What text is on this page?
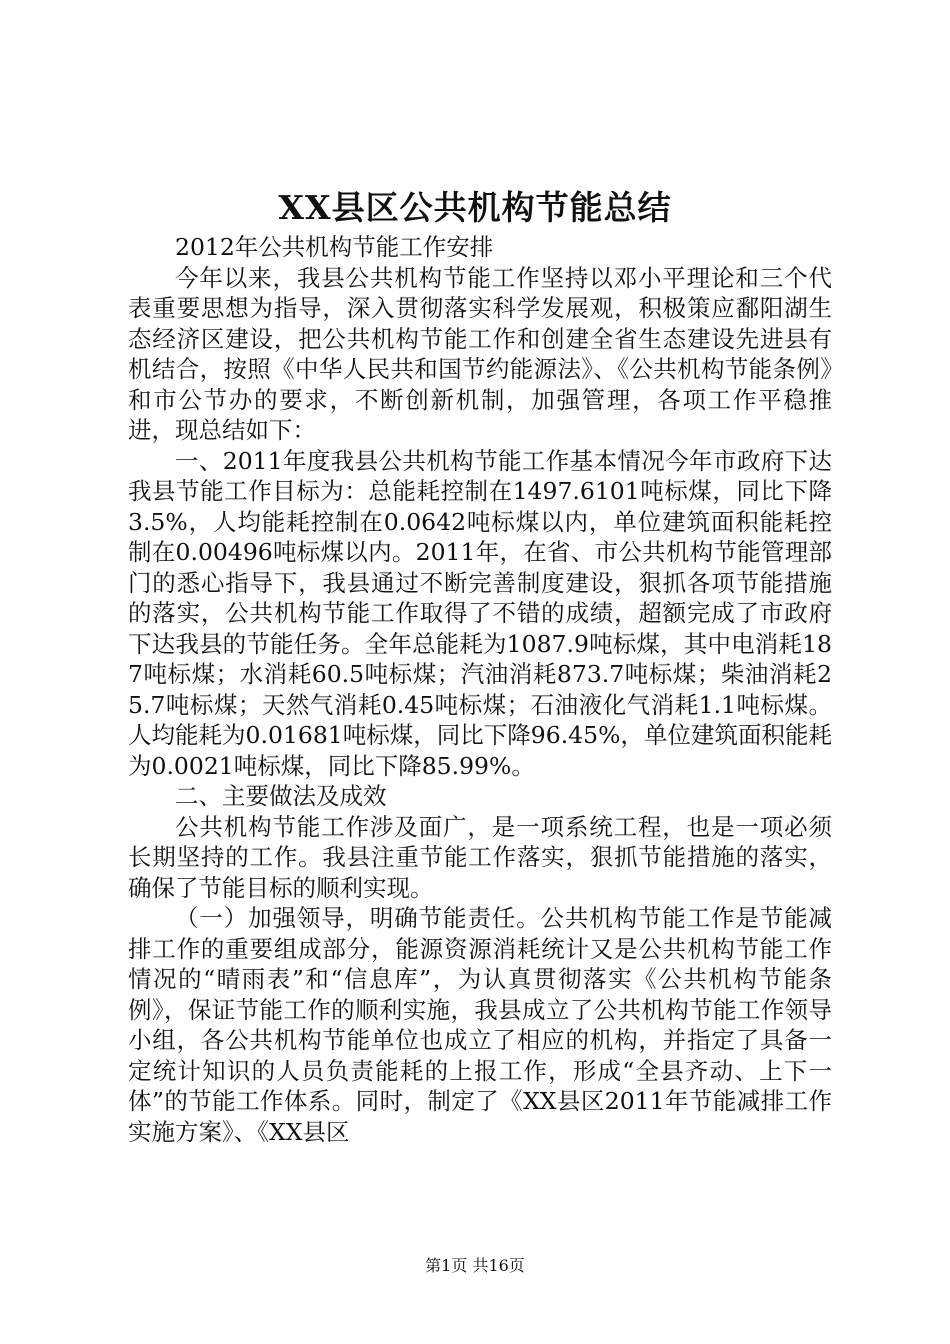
XX县区公共机构节能总结

2012年公共机构节能工作安排

今年以来，我县公共机构节能工作坚持以邓小平理论和三个代表重要思想为指导，深入贯彻落实科学发展观，积极策应鄱阳湖生态经济区建设，把公共机构节能工作和创建全省生态建设先进县有机结合，按照《中华人民共和国节约能源法》、《公共机构节能条例》和市公节办的要求，不断创新机制，加强管理，各项工作平稳推进，现总结如下：

一、2011年度我县公共机构节能工作基本情况今年市政府下达我县节能工作目标为：总能耗控制在1497.6101吨标煤，同比下降3.5%，人均能耗控制在0.0642吨标煤以内，单位建筑面积能耗控制在0.00496吨标煤以内。2011年，在省、市公共机构节能管理部门的悉心指导下，我县通过不断完善制度建设，狠抓各项节能措施的落实，公共机构节能工作取得了不错的成绩，超额完成了市政府下达我县的节能任务。全年总能耗为1087.9吨标煤，其中电消耗187吨标煤；水消耗60.5吨标煤；汽油消耗873.7吨标煤；柴油消耗25.7吨标煤；天然气消耗0.45吨标煤；石油液化气消耗1.1吨标煤。人均能耗为0.01681吨标煤，同比下降96.45%，单位建筑面积能耗为0.0021吨标煤，同比下降85.99%。

二、主要做法及成效

公共机构节能工作涉及面广，是一项系统工程，也是一项必须长期坚持的工作。我县注重节能工作落实，狠抓节能措施的落实，确保了节能目标的顺利实现。

（一）加强领导，明确节能责任。公共机构节能工作是节能减排工作的重要组成部分，能源资源消耗统计又是公共机构节能工作情况的“晴雨表”和“信息库”，为认真贯彻落实《公共机构节能条例》，保证节能工作的顺利实施，我县成立了公共机构节能工作领导小组，各公共机构节能单位也成立了相应的机构，并指定了具备一定统计知识的人员负责能耗的上报工作，形成“全县齐动、上下一体”的节能工作体系。同时，制定了《XX县区2011年节能减排工作实施方案》、《XX县区

第1页 共16页
